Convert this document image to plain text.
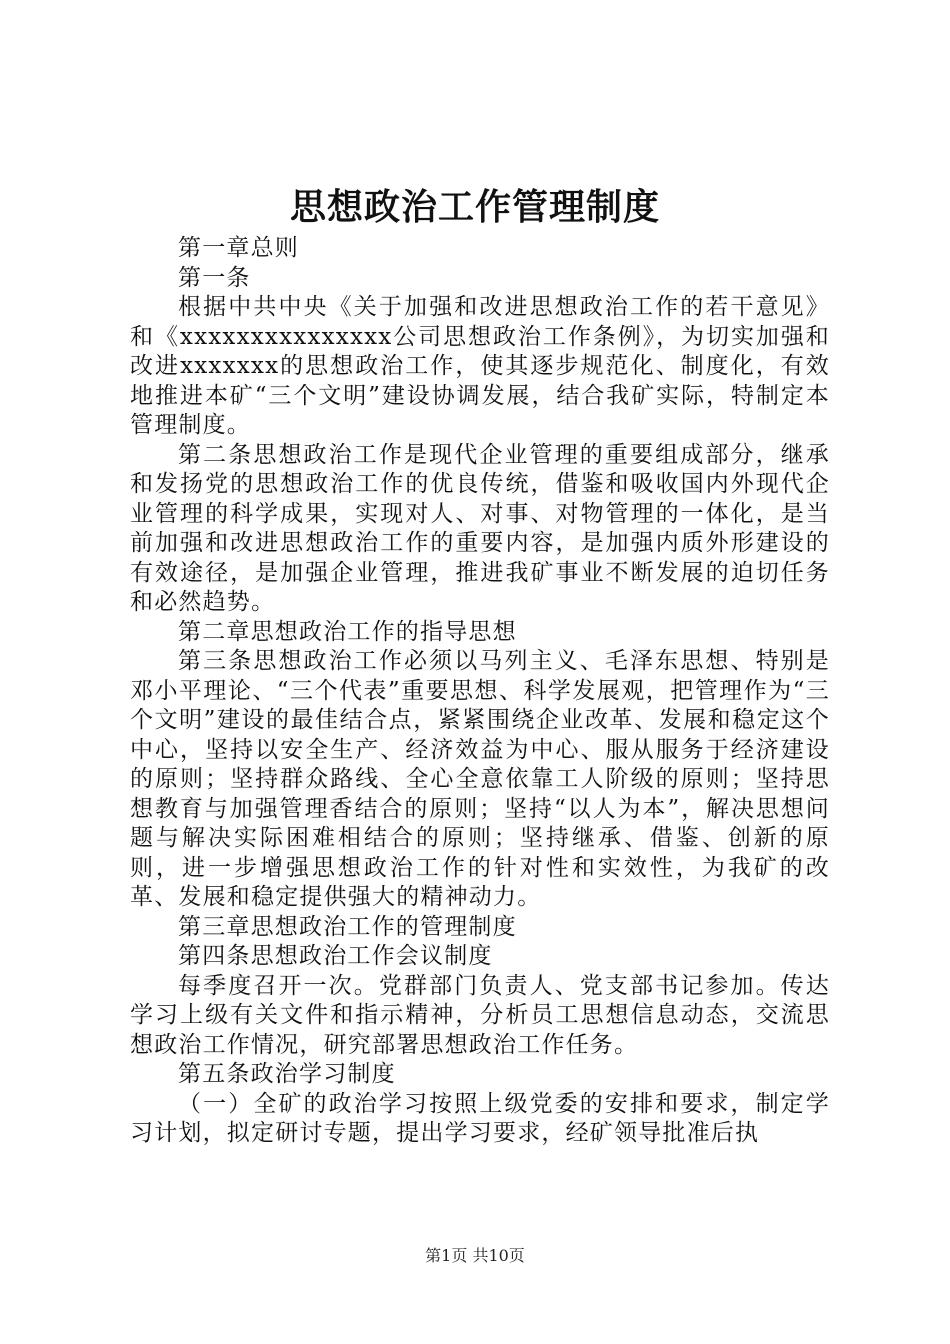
思想政治工作管理制度

第一章总则

第一条

根据中共中央《关于加强和改进思想政治工作的若干意见》和《xxxxxxxxxxxxxxx公司思想政治工作条例》，为切实加强和改进xxxxxxx的思想政治工作，使其逐步规范化、制度化，有效地推进本矿“三个文明”建设协调发展，结合我矿实际，特制定本管理制度。

第二条思想政治工作是现代企业管理的重要组成部分，继承和发扬党的思想政治工作的优良传统，借鉴和吸收国内外现代企业管理的科学成果，实现对人、对事、对物管理的一体化，是当前加强和改进思想政治工作的重要内容，是加强内质外形建设的有效途径，是加强企业管理，推进我矿事业不断发展的迫切任务和必然趋势。

第二章思想政治工作的指导思想

第三条思想政治工作必须以马列主义、毛泽东思想、特别是邓小平理论、“三个代表”重要思想、科学发展观，把管理作为“三个文明”建设的最佳结合点，紧紧围绕企业改革、发展和稳定这个中心，坚持以安全生产、经济效益为中心、服从服务于经济建设的原则；坚持群众路线、全心全意依靠工人阶级的原则；坚持思想教育与加强管理香结合的原则；坚持“以人为本”，解决思想问题与解决实际困难相结合的原则；坚持继承、借鉴、创新的原则，进一步增强思想政治工作的针对性和实效性，为我矿的改革、发展和稳定提供强大的精神动力。

第三章思想政治工作的管理制度

第四条思想政治工作会议制度

每季度召开一次。党群部门负责人、党支部书记参加。传达学习上级有关文件和指示精神，分析员工思想信息动态，交流思想政治工作情况，研究部署思想政治工作任务。

第五条政治学习制度

（一）全矿的政治学习按照上级党委的安排和要求，制定学习计划，拟定研讨专题，提出学习要求，经矿领导批准后执

第1页 共10页
